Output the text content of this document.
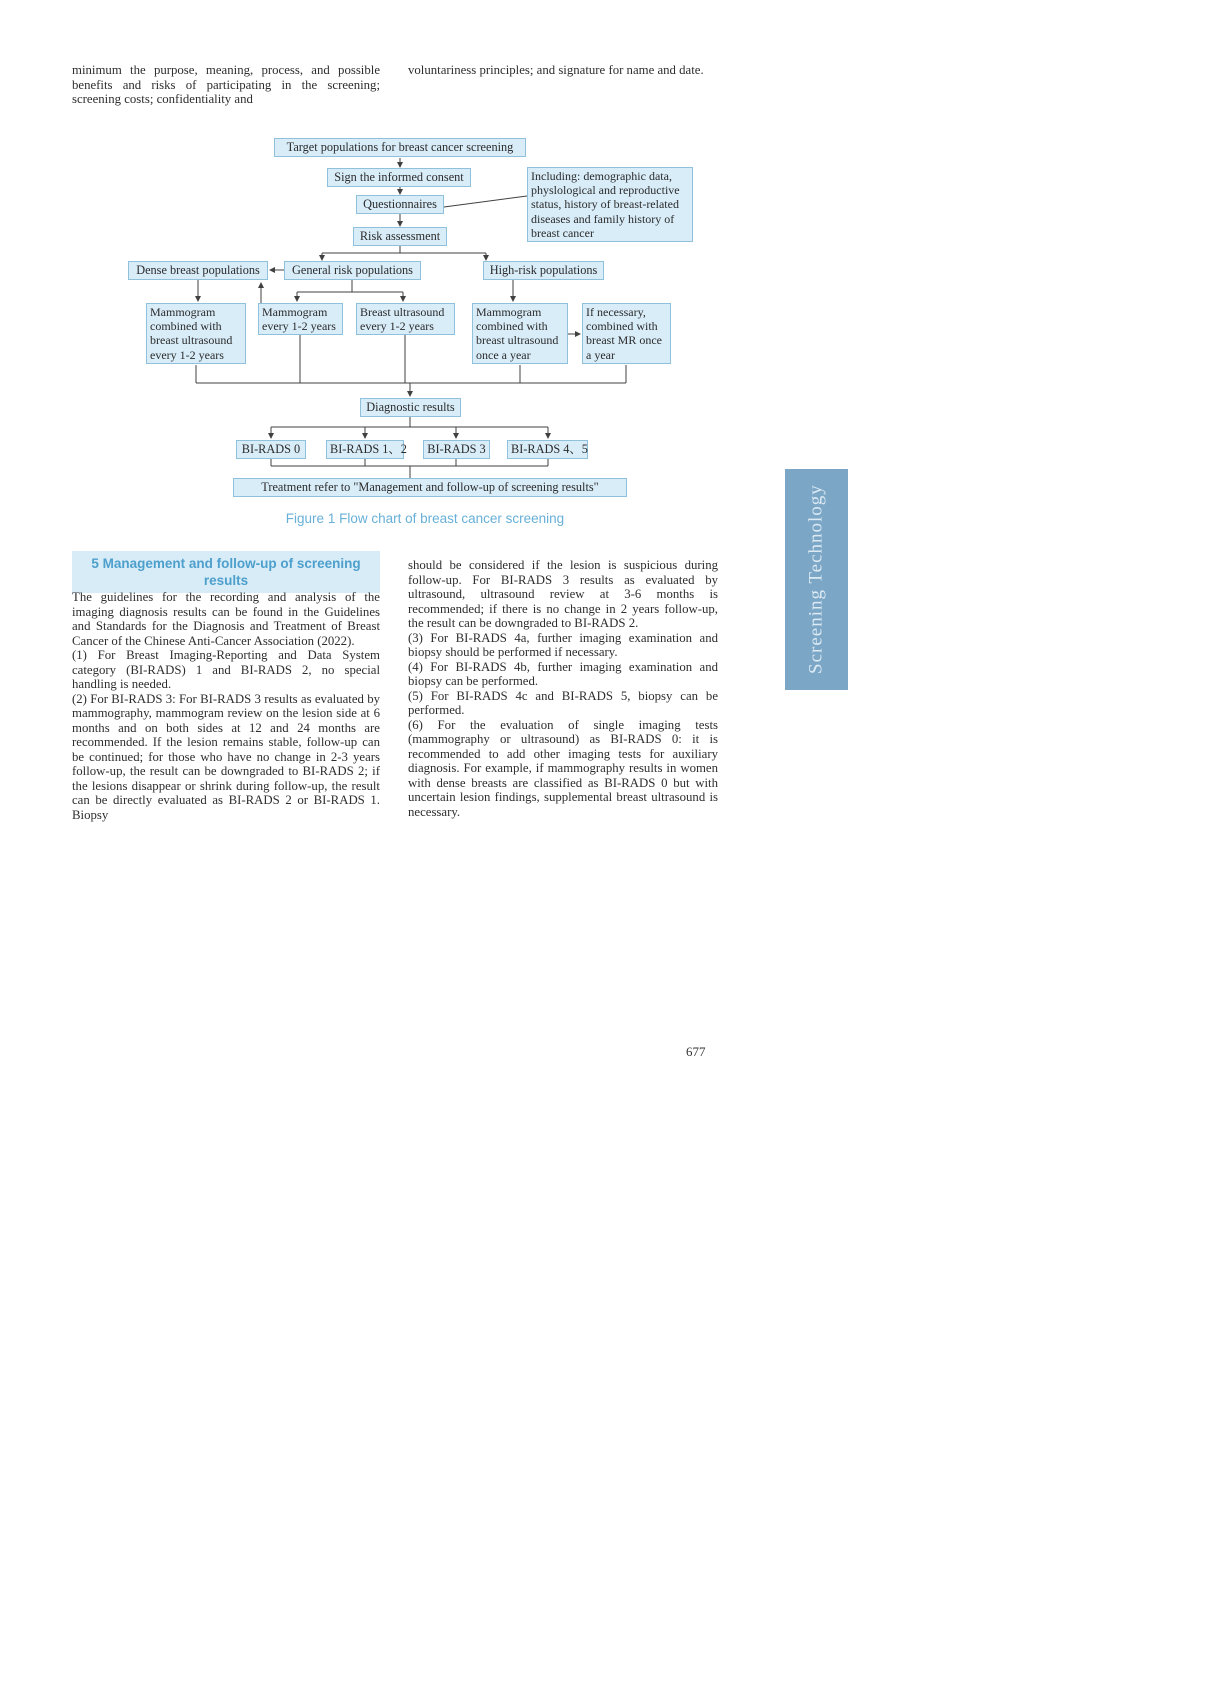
minimum the purpose, meaning, process, and possible benefits and risks of participating in the screening; screening costs; confidentiality and

voluntariness principles; and signature for name and date.

Target populations for breast cancer screening
Sign the informed consent
Questionnaires
Including: demographic data, physlological and reproductive status, history of breast-related diseases and family history of breast cancer
Risk assessment
Dense breast populations	General risk populations	High-risk populations
Mammogram combined with breast ultrasound every 1-2 years
Mammogram every 1-2 years
Breast ultrasound every 1-2 years
Mammogram combined with breast ultrasound once a year
If necessary, combined with breast MR once a year
Diagnostic results
BI-RADS 0	BI-RADS 1、2	BI-RADS 3	BI-RADS 4、5
Treatment refer to "Management and follow-up of screening results"
Figure 1 Flow chart of breast cancer screening
5 Management and follow-up of screening results

The guidelines for the recording and analysis of the imaging diagnosis results can be found in the Guidelines and Standards for the Diagnosis and Treatment of Breast Cancer of the Chinese Anti-Cancer Association (2022).

(1) For Breast Imaging-Reporting and Data System category (BI-RADS) 1 and BI-RADS 2, no special handling is needed.

(2) For BI-RADS 3: For BI-RADS 3 results as evaluated by mammography, mammogram review on the lesion side at 6 months and on both sides at 12 and 24 months are recommended. If the lesion remains stable, follow-up can be continued; for those who have no change in 2-3 years follow-up, the result can be downgraded to BI-RADS 2; if the lesions disappear or shrink during follow-up, the result can be directly evaluated as BI-RADS 2 or BI-RADS 1. Biopsy

should be considered if the lesion is suspicious during follow-up. For BI-RADS 3 results as evaluated by ultrasound, ultrasound review at 3-6 months is recommended; if there is no change in 2 years follow-up, the result can be downgraded to BI-RADS 2.

(3) For BI-RADS 4a, further imaging examination and biopsy should be performed if necessary.

(4) For BI-RADS 4b, further imaging examination and biopsy can be performed.

(5) For BI-RADS 4c and BI-RADS 5, biopsy can be performed.

(6) For the evaluation of single imaging tests (mammography or ultrasound) as BI-RADS 0: it is recommended to add other imaging tests for auxiliary diagnosis. For example, if mammography results in women with dense breasts are classified as BI-RADS 0 but with uncertain lesion findings, supplemental breast ultrasound is necessary.

Screening Technology
677
